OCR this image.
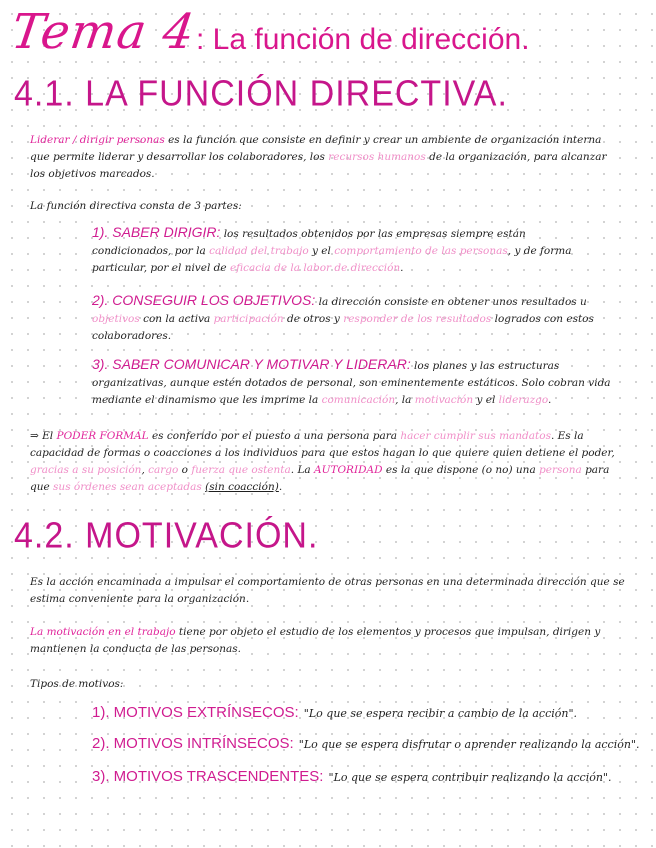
Tema 4
: La función de dirección.
4.1. LA FUNCIÓN DIRECTIVA.
Liderar / dirigir personas es la función que consiste en definir y crear un ambiente de organización interna que permite liderar y desarrollar los colaboradores, los recursos humanos de la organización, para alcanzar los objetivos marcados.
La función directiva consta de 3 partes:
1). SABER DIRIGIR: los resultados obtenidos por las empresas siempre están condicionados, por la calidad del trabajo y el comportamiento de las personas, y de forma particular, por el nivel de eficacia de la labor de dirección.
2). CONSEGUIR LOS OBJETIVOS: la dirección consiste en obtener unos resultados u objetivos con la activa participación de otros y responder de los resultados logrados con estos colaboradores.
3). SABER COMUNICAR Y MOTIVAR Y LIDERAR: los planes y las estructuras organizativas, aunque estén dotados de personal, son eminentemente estáticos. Solo cobran vida mediante el dinamismo que les imprime la comunicación, la motivación y el liderazgo.
⇒ El PODER FORMAL es conferido por el puesto a una persona para hacer cumplir sus mandatos. Es la capacidad de formas o coacciones a los individuos para que estos hagan lo que quiere quien detiene el poder, gracias a su posición, cargo o fuerza que ostenta. La AUTORIDAD es la que dispone (o no) una persona para que sus órdenes sean aceptadas (sin coacción).
4.2. MOTIVACIÓN.
Es la acción encaminada a impulsar el comportamiento de otras personas en una determinada dirección que se estima conveniente para la organización.
La motivación en el trabajo tiene por objeto el estudio de los elementos y procesos que impulsan, dirigen y mantienen la conducta de las personas.
Tipos de motivos:
1). MOTIVOS EXTRÍNSECOS: "Lo que se espera recibir a cambio de la acción".
2). MOTIVOS INTRÍNSECOS: "Lo que se espera disfrutar o aprender realizando la acción".
3). MOTIVOS TRASCENDENTES: "Lo que se espera contribuir realizando la acción".
